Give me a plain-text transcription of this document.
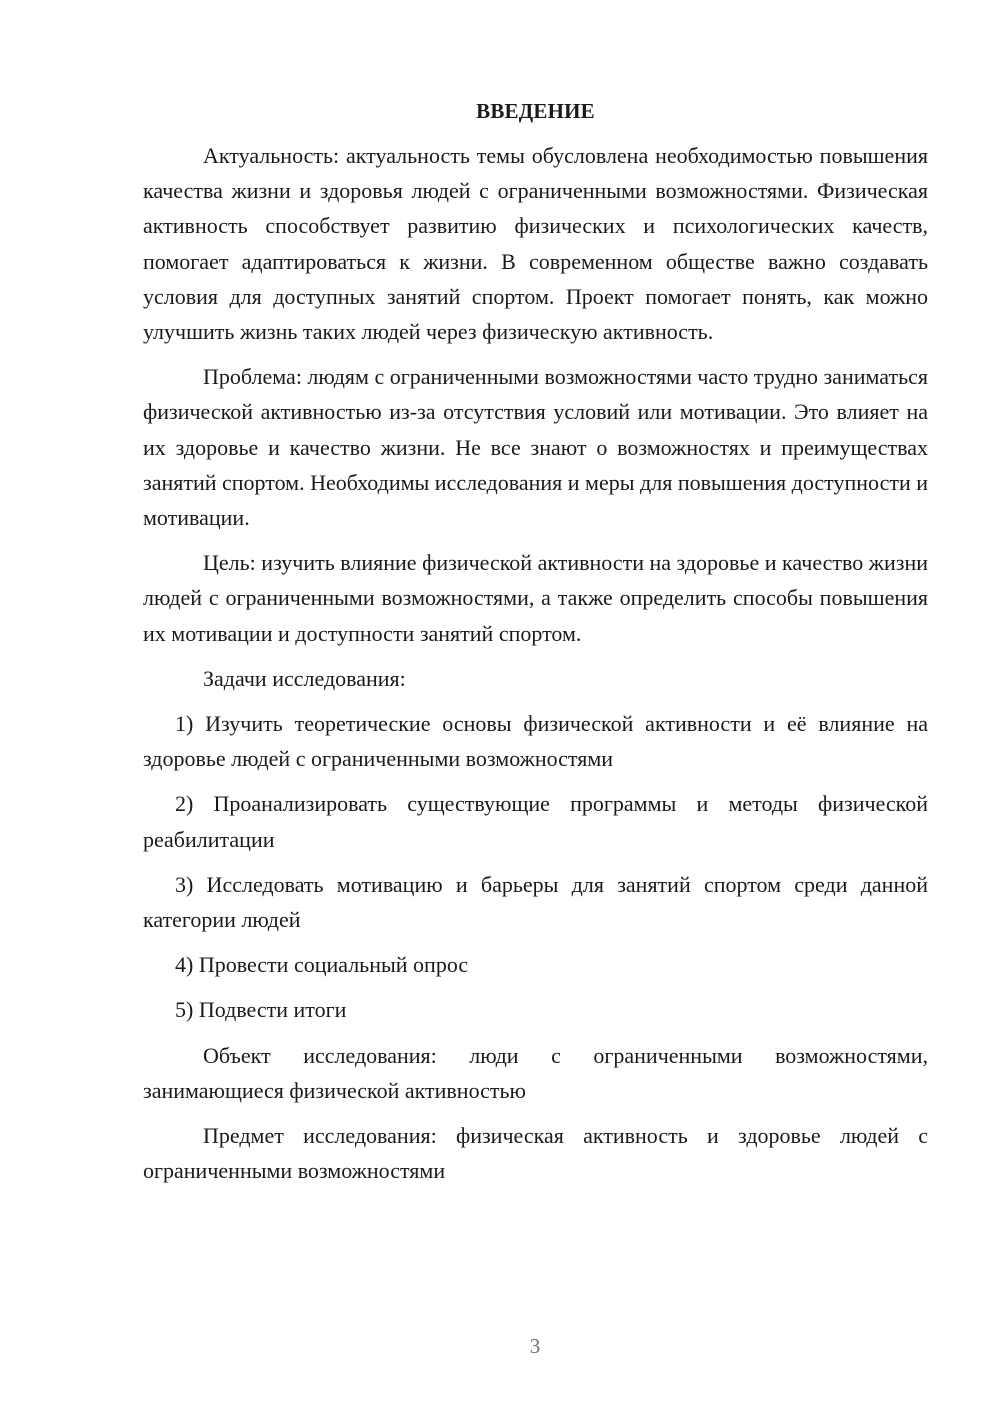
ВВЕДЕНИЕ

Актуальность: актуальность темы обусловлена необходимостью повышения качества жизни и здоровья людей с ограниченными возможностями. Физическая активность способствует развитию физических и психологических качеств, помогает адаптироваться к жизни. В современном обществе важно создавать условия для доступных занятий спортом. Проект помогает понять, как можно улучшить жизнь таких людей через физическую активность.

Проблема: людям с ограниченными возможностями часто трудно заниматься физической активностью из-за отсутствия условий или мотивации. Это влияет на их здоровье и качество жизни. Не все знают о возможностях и преимуществах занятий спортом. Необходимы исследования и меры для повышения доступности и мотивации.

Цель: изучить влияние физической активности на здоровье и качество жизни людей с ограниченными возможностями, а также определить способы повышения их мотивации и доступности занятий спортом.

Задачи исследования:

1) Изучить теоретические основы физической активности и её влияние на здоровье людей с ограниченными возможностями

2) Проанализировать существующие программы и методы физической реабилитации

3) Исследовать мотивацию и барьеры для занятий спортом среди данной категории людей

4) Провести социальный опрос

5) Подвести итоги

Объект исследования: люди с ограниченными возможностями, занимающиеся физической активностью

Предмет исследования: физическая активность и здоровье людей с ограниченными возможностями

3
